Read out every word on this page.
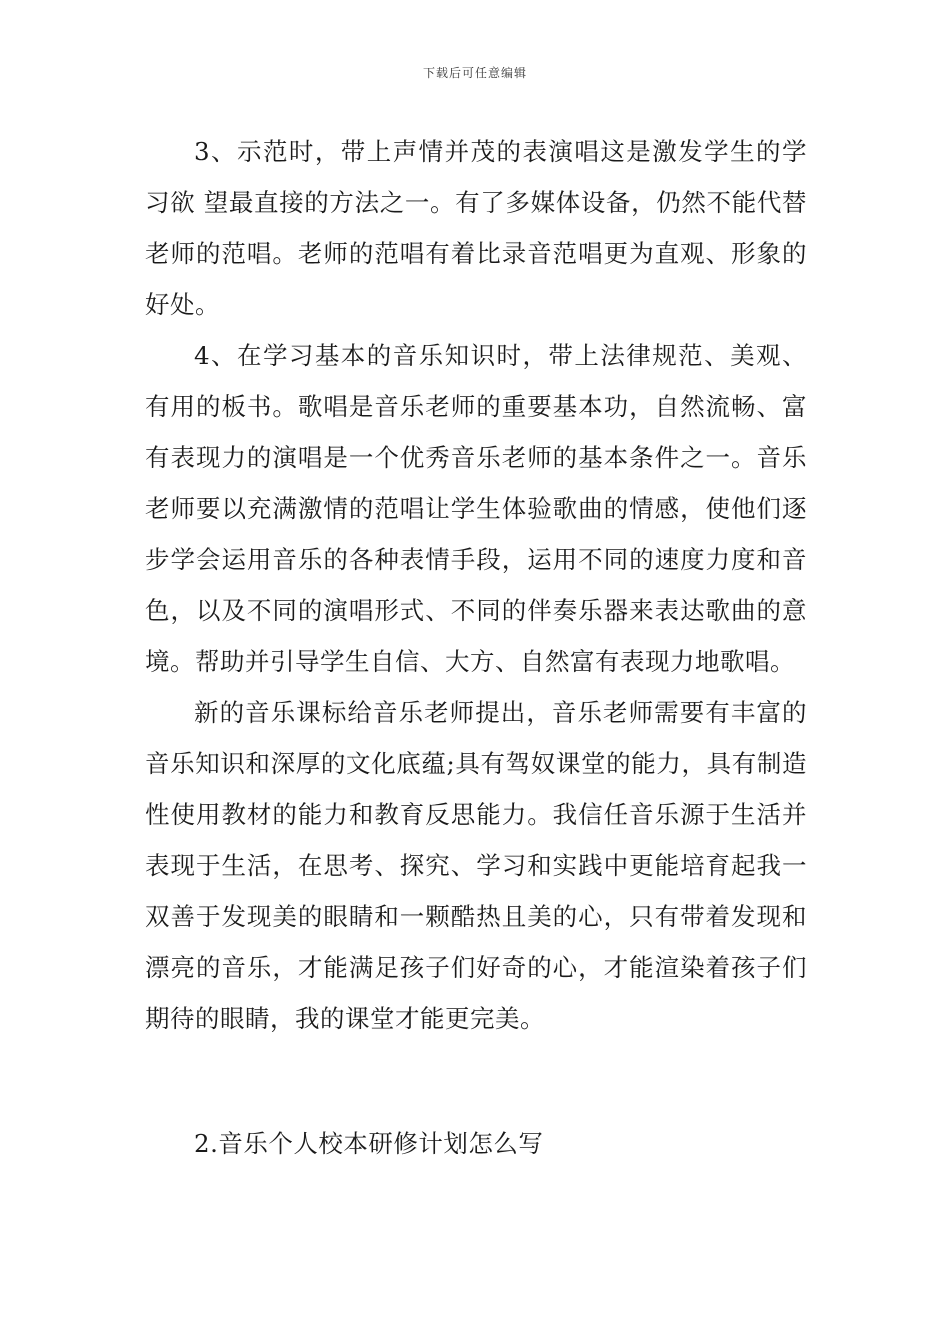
下载后可任意编辑

3、示范时，带上声情并茂的表演唱这是激发学生的学习欲 望最直接的方法之一。有了多媒体设备，仍然不能代替老师的范唱。老师的范唱有着比录音范唱更为直观、形象的好处。

4、在学习基本的音乐知识时，带上法律规范、美观、有用的板书。歌唱是音乐老师的重要基本功，自然流畅、富有表现力的演唱是一个优秀音乐老师的基本条件之一。音乐老师要以充满激情的范唱让学生体验歌曲的情感，使他们逐步学会运用音乐的各种表情手段，运用不同的速度力度和音色，以及不同的演唱形式、不同的伴奏乐器来表达歌曲的意境。帮助并引导学生自信、大方、自然富有表现力地歌唱。

新的音乐课标给音乐老师提出，音乐老师需要有丰富的音乐知识和深厚的文化底蕴;具有驾奴课堂的能力，具有制造性使用教材的能力和教育反思能力。我信任音乐源于生活并表现于生活，在思考、探究、学习和实践中更能培育起我一双善于发现美的眼睛和一颗酷热且美的心，只有带着发现和漂亮的音乐，才能满足孩子们好奇的心，才能渲染着孩子们期待的眼睛，我的课堂才能更完美。

2.音乐个人校本研修计划怎么写
